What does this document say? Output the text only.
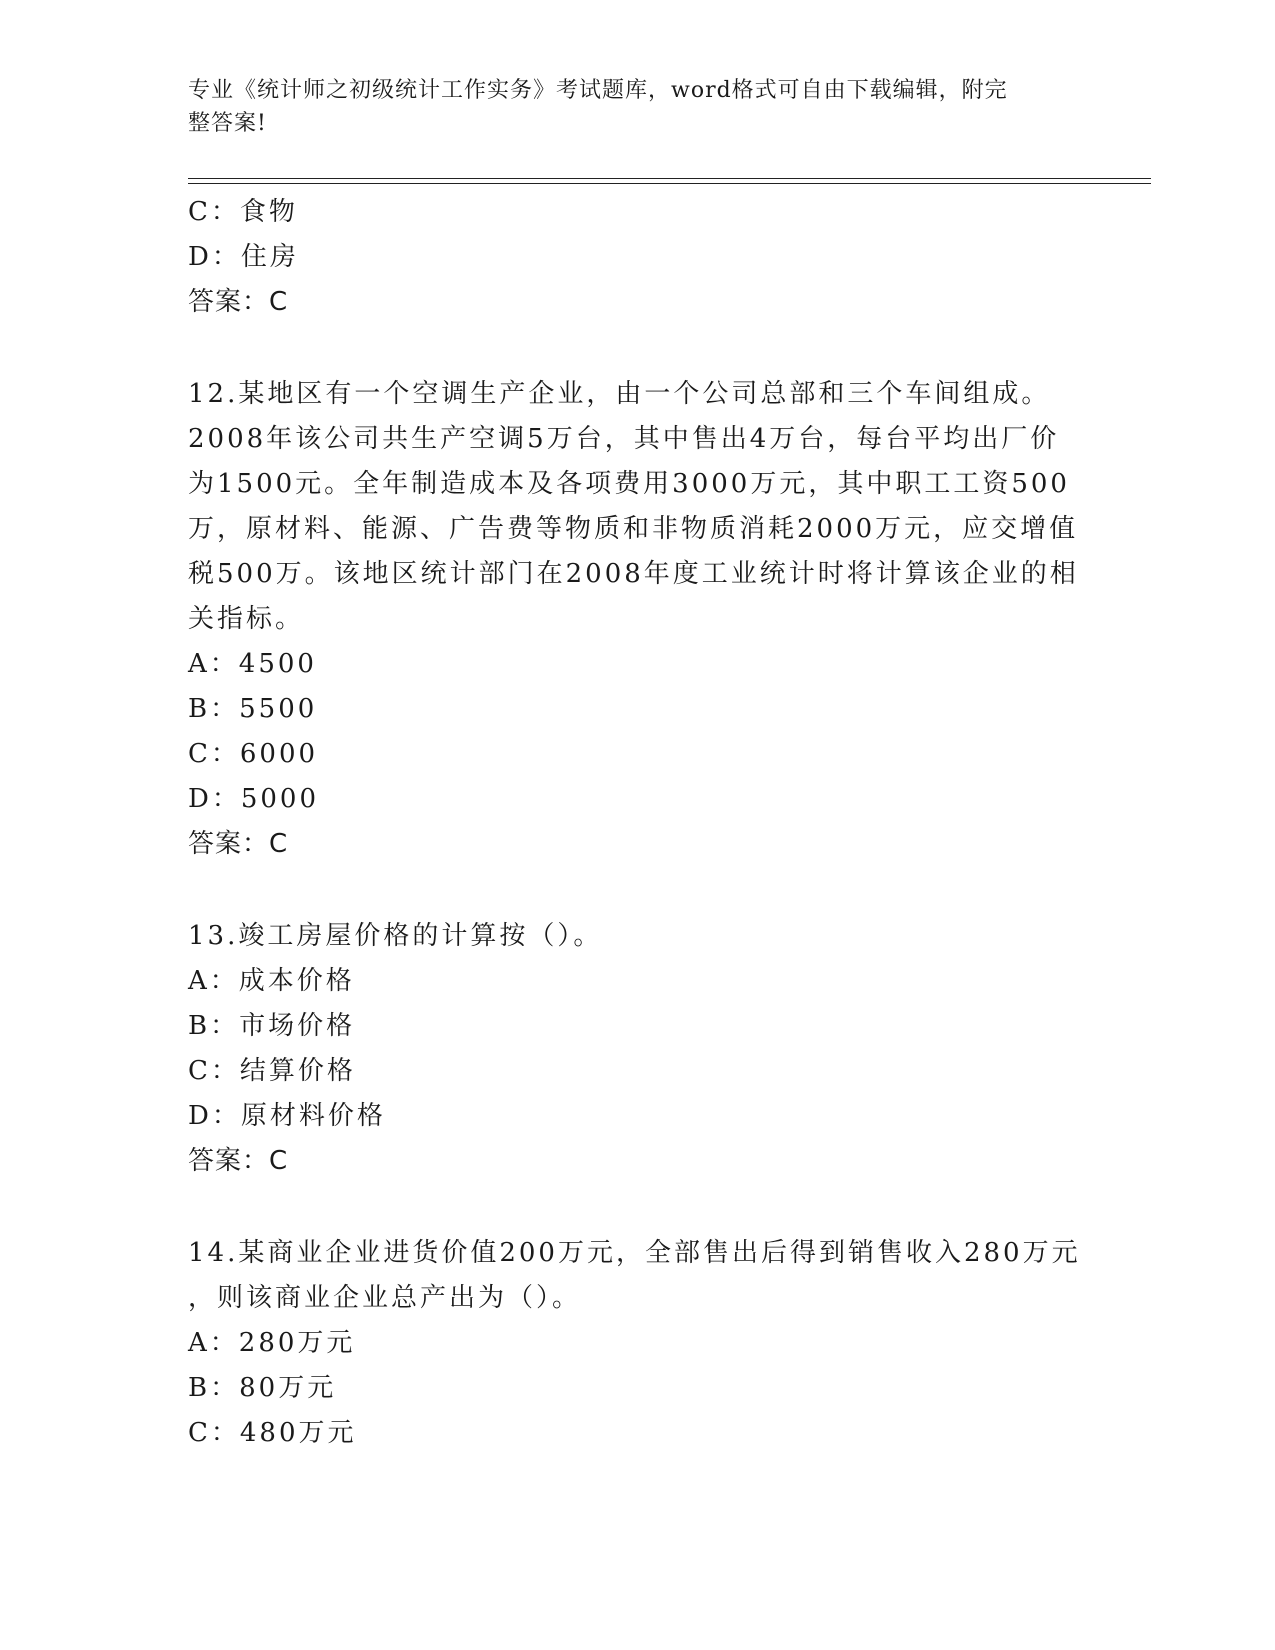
专业《统计师之初级统计工作实务》考试题库，word格式可自由下载编辑，附完
整答案!
C：食物
D：住房
答案：C
12.某地区有一个空调生产企业，由一个公司总部和三个车间组成。
2008年该公司共生产空调5万台，其中售出4万台，每台平均出厂价
为1500元。全年制造成本及各项费用3000万元，其中职工工资500
万，原材料、能源、广告费等物质和非物质消耗2000万元，应交增值
税500万。该地区统计部门在2008年度工业统计时将计算该企业的相
关指标。
A：4500
B：5500
C：6000
D：5000
答案：C
13.竣工房屋价格的计算按（）。
A：成本价格
B：市场价格
C：结算价格
D：原材料价格
答案：C
14.某商业企业进货价值200万元，全部售出后得到销售收入280万元
，则该商业企业总产出为（）。
A：280万元
B：80万元
C：480万元
